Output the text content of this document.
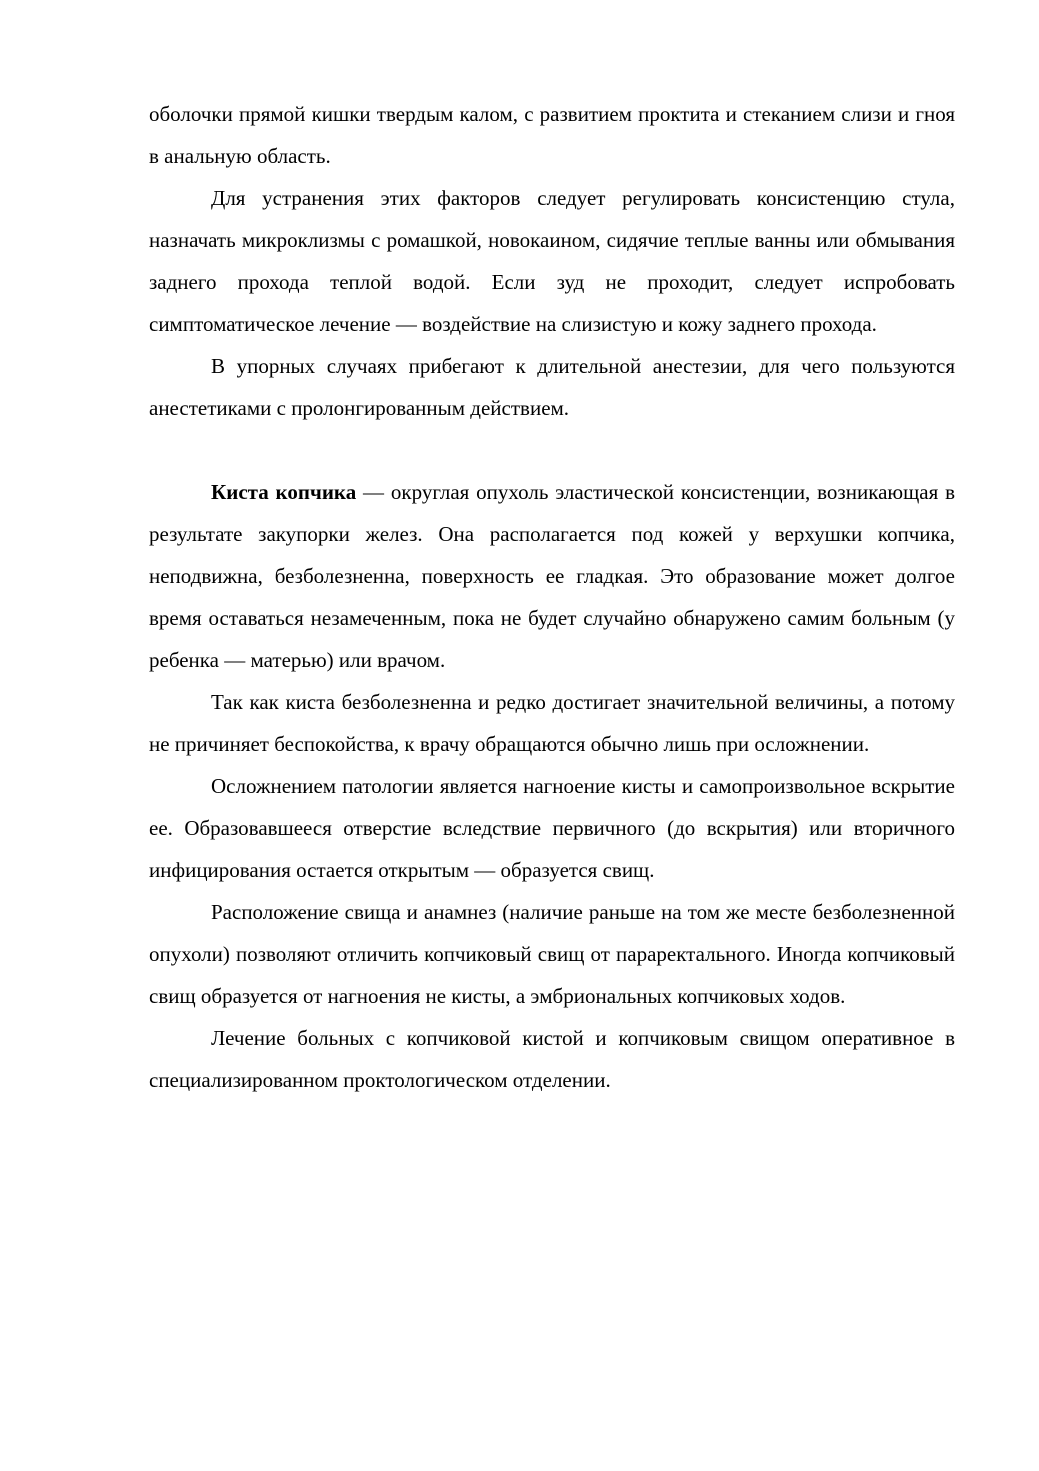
оболочки прямой кишки твердым калом, с развитием проктита и стеканием слизи и гноя в анальную область.

Для устранения этих факторов следует регулировать консистенцию стула, назначать микроклизмы с ромашкой, новокаином, сидячие теплые ванны или обмывания заднего прохода теплой водой. Если зуд не проходит, следует испробовать симптоматическое лечение — воздействие на слизистую и кожу заднего прохода.

В упорных случаях прибегают к длительной анестезии, для чего пользуются анестетиками с пролонгированным действием.

Киста копчика — округлая опухоль эластической консистенции, возникающая в результате закупорки желез. Она располагается под кожей у верхушки копчика, неподвижна, безболезненна, поверхность ее гладкая. Это образование может долгое время оставаться незамеченным, пока не будет случайно обнаружено самим больным (у ребенка — матерью) или врачом.

Так как киста безболезненна и редко достигает значительной величины, а потому не причиняет беспокойства, к врачу обращаются обычно лишь при осложнении.

Осложнением патологии является нагноение кисты и самопроизвольное вскрытие ее. Образовавшееся отверстие вследствие первичного (до вскрытия) или вторичного инфицирования остается открытым — образуется свищ.

Расположение свища и анамнез (наличие раньше на том же месте безболезненной опухоли) позволяют отличить копчиковый свищ от параректального. Иногда копчиковый свищ образуется от нагноения не кисты, а эмбриональных копчиковых ходов.

Лечение больных с копчиковой кистой и копчиковым свищом оперативное в специализированном проктологическом отделении.
